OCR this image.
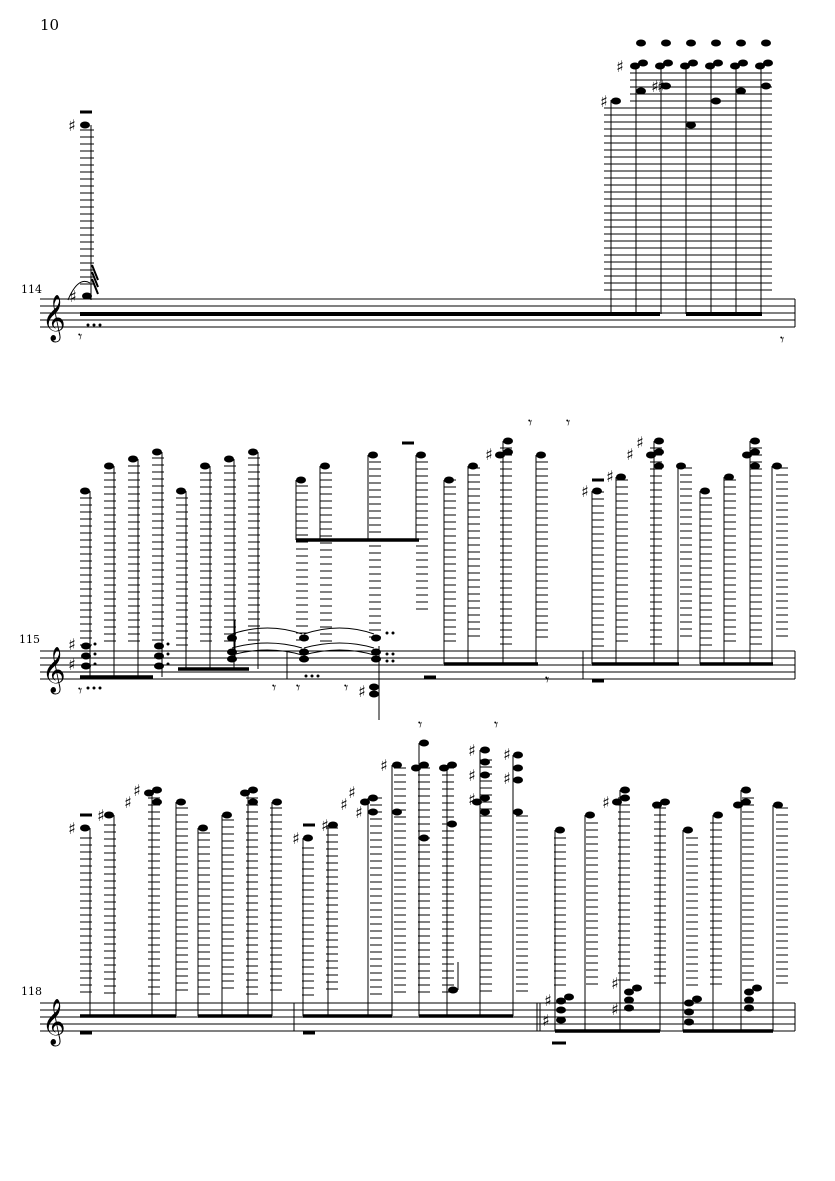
10
114
115
118
𝄞
♯
♯
𝄾	𝄾
♯
♯
♯
♯
𝄞
♯
♯
♯
♯
♯
♯
♯
♯
𝄾	𝄾 𝄾	𝄾
𝄾
𝄾
𝄾
𝄞
♯
♯
♯
♯
♯
♯
♯
♯
♯
♯
♯
♯
♯
♯
♯
♯
♯
♯
♯
♯
𝄾	𝄾
